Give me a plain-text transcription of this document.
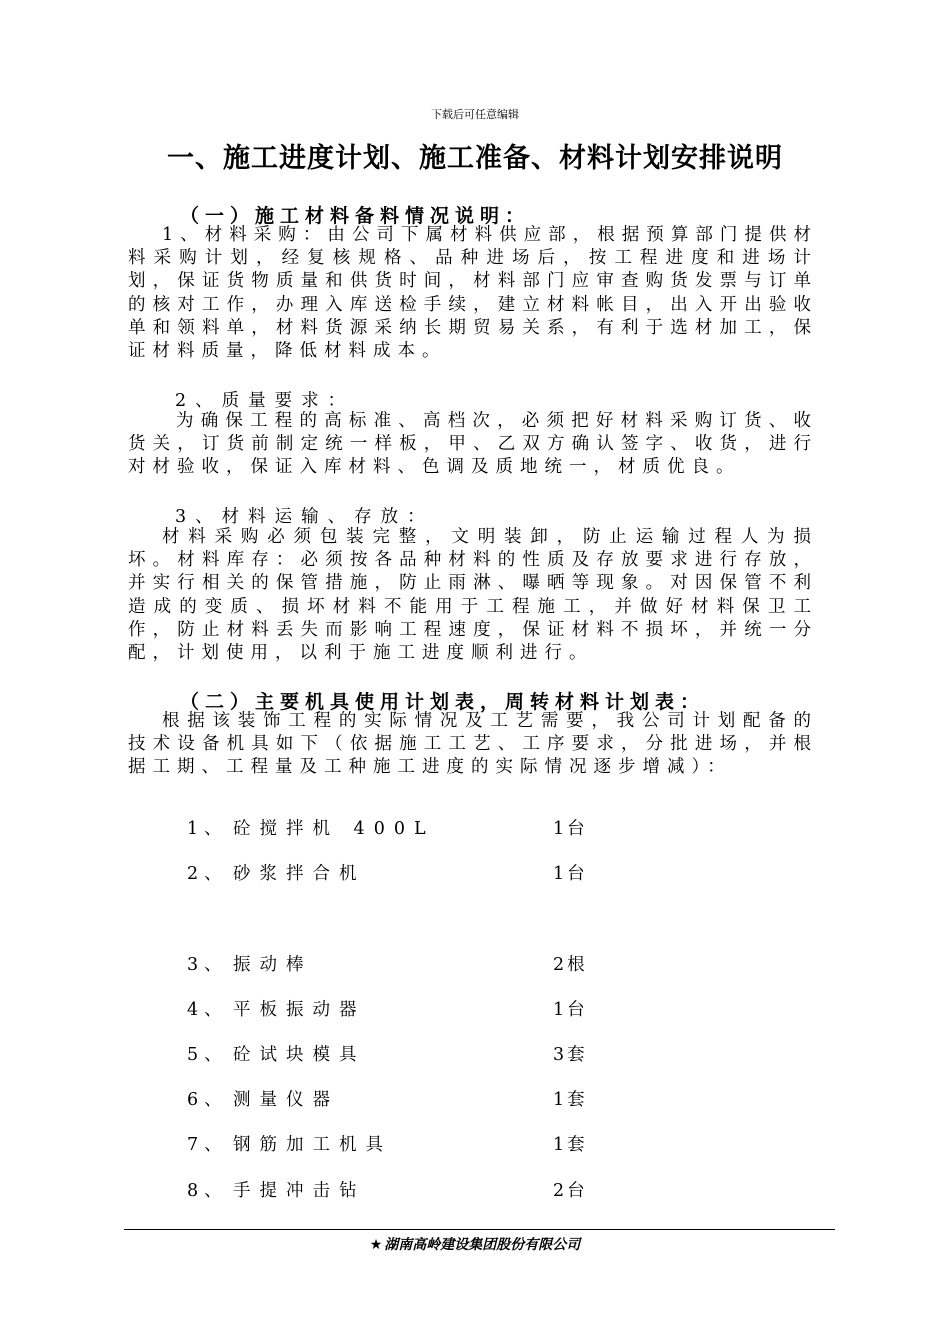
下载后可任意编辑
一、施工进度计划、施工准备、材料计划安排说明
（一）施工材料备料情况说明：

1、材料采购：由公司下属材料供应部，根据预算部门提供材料采购计划，经复核规格、品种进场后，按工程进度和进场计划，保证货物质量和供货时间，材料部门应审查购货发票与订单的核对工作，办理入库送检手续，建立材料帐目，出入开出验收单和领料单，材料货源采纳长期贸易关系，有利于选材加工，保证材料质量，降低材料成本。

2、质量要求：

为确保工程的高标准、高档次，必须把好材料采购订货、收货关，订货前制定统一样板，甲、乙双方确认签字、收货，进行对材验收，保证入库材料、色调及质地统一，材质优良。

3、材料运输、存放：

材料采购必须包装完整，文明装卸，防止运输过程人为损坏。材料库存：必须按各品种材料的性质及存放要求进行存放，并实行相关的保管措施，防止雨淋、曝晒等现象。对因保管不利造成的变质、损坏材料不能用于工程施工，并做好材料保卫工作，防止材料丢失而影响工程速度，保证材料不损坏，并统一分配，计划使用，以利于施工进度顺利进行。

（二）主要机具使用计划表，周转材料计划表：

根据该装饰工程的实际情况及工艺需要，我公司计划配备的技术设备机具如下（依据施工工艺、工序要求，分批进场，并根据工期、工程量及工种施工进度的实际情况逐步增减）：

1、 砼搅拌机 400L	1台
2、 砂浆拌合机	1台
3、 振动棒	2根
4、 平板振动器	1台
5、 砼试块模具	3套
6、 测量仪器	1套
7、 钢筋加工机具	1套
8、 手提冲击钻	2台
★ 湖南高岭建设集团股份有限公司
